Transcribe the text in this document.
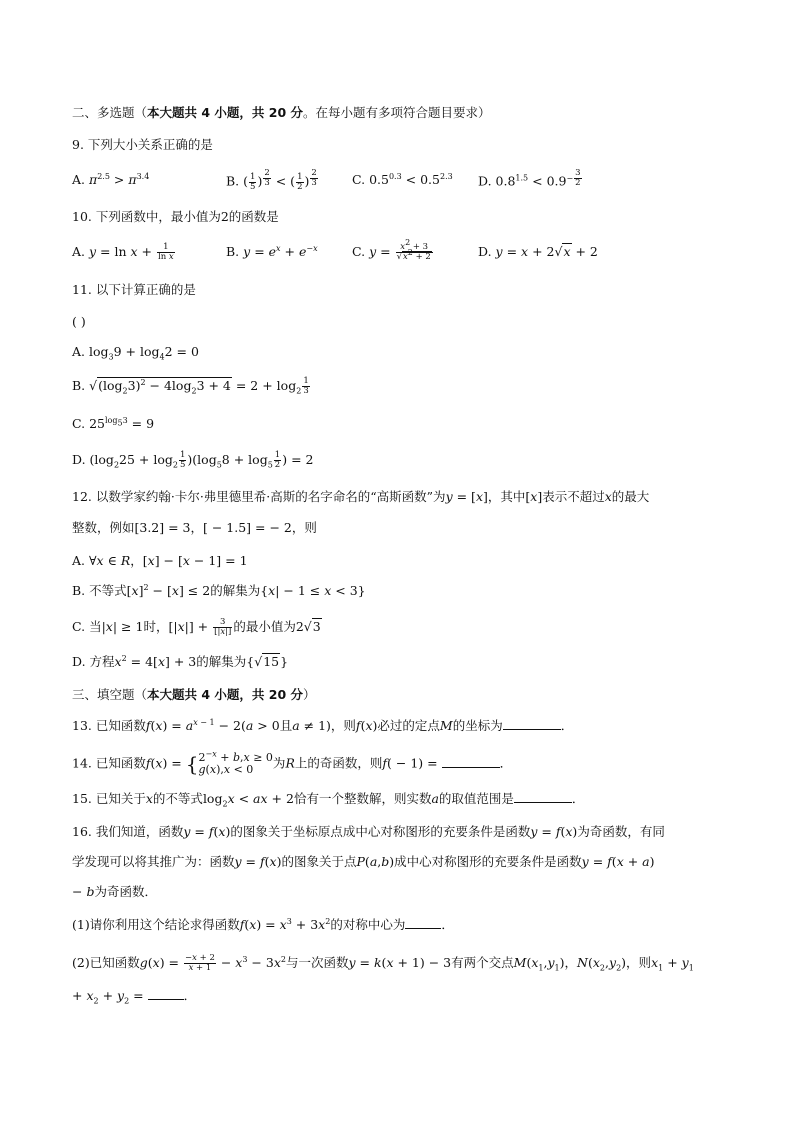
二、多选题（本大题共 4 小题，共 20 分。在每小题有多项符合题目要求）
9. 下列大小关系正确的是
A. $\pi^{2.5} > \pi^{3.4}$	B. ( $\frac{1}{5}$ ) $^{\frac{2}{3}}$ < ( $\frac{1}{2}$ ) $^{\frac{2}{3}}$	C. $0.5^{0.3} < 0.5^{2.3}$ D. $0.8^{1.5} < 0.9^{- \frac{3}{2}}$
10. 下列函数中，最小值为2的函数是
A. $y = \ln x + \frac{1}{\text{ln x}}$	B. $y = e^x + e^{-x}$	C. $y = \frac{x^2 + 3}{√x^2 + 2}$	D. y = x + 2√x + 2
11. 以下计算正确的是
( )
A. $\log_39 + \log_42 = 0$
B. $√(\log_23)^2 - 4\log_23 + 4 = 2 + \log_2 \frac{1}{3}$
C. $25^{log_53} = 9$
D. $(\log_225 + \log_2 \frac{1}{5} )(\log_58 + \log_5 \frac{1}{2}$ ) = 2
12. 以数学家约翰·卡尔·弗里德里希·高斯的名字命名的“高斯函数”为y = [x]，其中[x]表示不超过x的最大
整数，例如[3.2] = 3，[ − 1.5] = − 2，则
A. ∀x ∈ R，[x] − [x − 1] = 1
B. 不等式$[x]^2 - [x] \le 2$的解集为{x| − 1 ≤ x < 3}
C. 当|x| ≥ 1时，$[|x|] + \frac{3}{[|x|]}$ 的最小值为2√3
D. 方程$x^2 = 4[x] + 3$的解集为{√15}
三、填空题（本大题共 4 小题，共 20 分）
13. 已知函数$f(x) = a^{x - 1} - 2(a > 0$且a ≠ 1)，则f(x)必过的定点M的坐标为	．
14. 已知函数f(x) = { $2^{-x} + b,x \ge 0$
g(x),x < 0	为R上的奇函数，则f( − 1) =	．
15. 已知关于x的不等式$\log_2x$ < ax + 2恰有一个整数解，则实数a的取值范围是	．
16. 我们知道，函数y = f(x)的图象关于坐标原点成中心对称图形的充要条件是函数y = f(x)为奇函数，有同
学发现可以将其推广为：函数y = f(x)的图象关于点P(a,b)成中心对称图形的充要条件是函数y = f(x + a)
− b为奇函数．
(1)请你利用这个结论求得函数$f(x) = x^3 + 3x^2$的对称中心为	．
(2)已知函数$g(x) = \frac{-x + 2}{x + 1} - x^3 - 3x^2$与一次函数y = k(x + 1) − 3有两个交点$M(x_1,y_1)$，$N(x_2,y_2)$，则$x_1 + y_1$
+ $x_2 + y_2$ =	．
